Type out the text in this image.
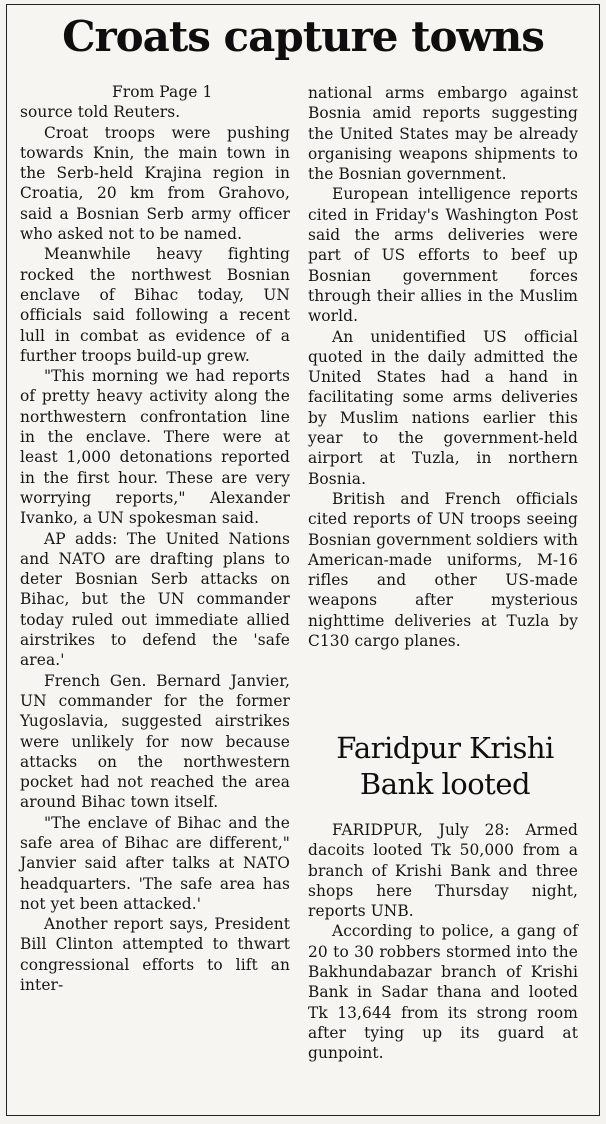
Croats capture towns

From Page 1

source told Reuters.

Croat troops were pushing towards Knin, the main town in the Serb-held Krajina region in Croatia, 20 km from Grahovo, said a Bosnian Serb army officer who asked not to be named.

Meanwhile heavy fighting rocked the northwest Bosnian enclave of Bihac today, UN officials said following a recent lull in combat as evidence of a further troops build-up grew.

"This morning we had reports of pretty heavy activity along the northwestern confrontation line in the enclave. There were at least 1,000 detonations reported in the first hour. These are very worrying reports," Alexander Ivanko, a UN spokesman said.

AP adds: The United Nations and NATO are drafting plans to deter Bosnian Serb attacks on Bihac, but the UN commander today ruled out immediate allied airstrikes to defend the 'safe area.'

French Gen. Bernard Janvier, UN commander for the former Yugoslavia, suggested airstrikes were unlikely for now because attacks on the northwestern pocket had not reached the area around Bihac town itself.

"The enclave of Bihac and the safe area of Bihac are different," Janvier said after talks at NATO headquarters. 'The safe area has not yet been attacked.'

Another report says, President Bill Clinton attempted to thwart congressional efforts to lift an inter-

national arms embargo against Bosnia amid reports suggesting the United States may be already organising weapons shipments to the Bosnian government.

European intelligence reports cited in Friday's Washington Post said the arms deliveries were part of US efforts to beef up Bosnian government forces through their allies in the Muslim world.

An unidentified US official quoted in the daily admitted the United States had a hand in facilitating some arms deliveries by Muslim nations earlier this year to the government-held airport at Tuzla, in northern Bosnia.

British and French officials cited reports of UN troops seeing Bosnian government soldiers with American-made uniforms, M-16 rifles and other US-made weapons after mysterious nighttime deliveries at Tuzla by C130 cargo planes.

Faridpur Krishi Bank looted

FARIDPUR, July 28: Armed dacoits looted Tk 50,000 from a branch of Krishi Bank and three shops here Thursday night, reports UNB.

According to police, a gang of 20 to 30 robbers stormed into the Bakhundabazar branch of Krishi Bank in Sadar thana and looted Tk 13,644 from its strong room after tying up its guard at gunpoint.
